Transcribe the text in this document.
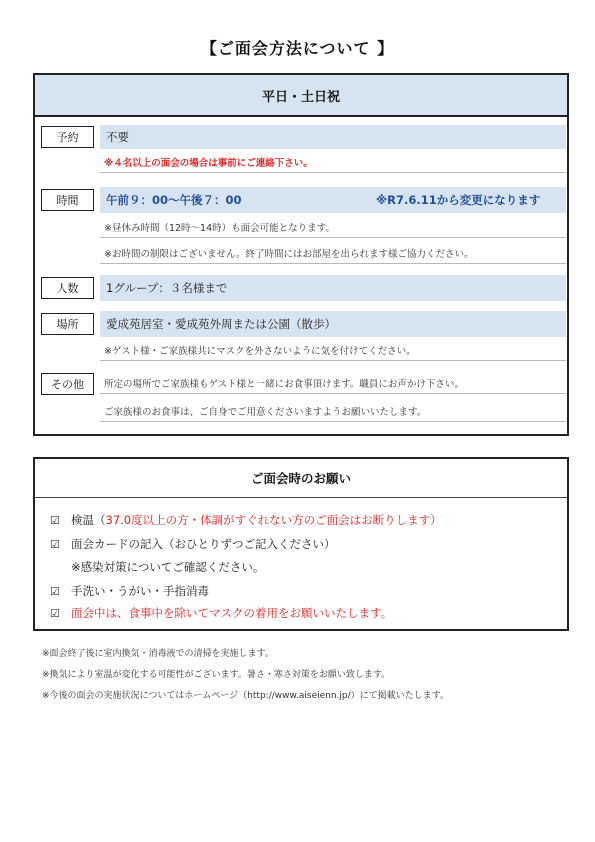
【ご面会方法について 】
平日・土日祝
予約	不要
※４名以上の面会の場合は事前にご連絡下さい。
時間	午前９：00～午後７：00	※R7.6.11から変更になります
※昼休み時間（12時～14時）も面会可能となります。
※お時間の制限はございません。終了時間にはお部屋を出られます様ご協力ください。
人数	1グループ：３名様まで
場所	愛成苑居室・愛成苑外周または公園（散歩）
※ゲスト様・ご家族様共にマスクを外さないように気を付けてください。
その他	所定の場所でご家族様もゲスト様と一緒にお食事頂けます。職員にお声かけ下さい。
ご家族様のお食事は、ご自身でご用意くださいますようお願いいたします。
ご面会時のお願い
☑ 検温（ 37.0度以上の方・体調がすぐれない方のご面会はお断りします）
☑ 面会カードの記入（おひとりずつご記入ください）
※感染対策についてご確認ください。
☑ 手洗い・うがい・手指消毒
☑ 面会中は、食事中を除いてマスクの着用をお願いいたします。
※面会終了後に室内換気・消毒液での清掃を実施します。
※換気により室温が変化する可能性がございます。暑さ・寒さ対策をお願い致します。
※今後の面会の実施状況についてはホームページ（http://www.aiseienn.jp/）にて掲載いたします。
